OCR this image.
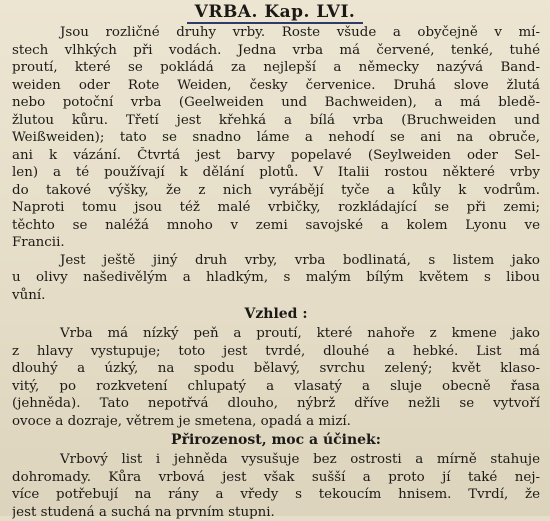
VRBA. Kap. LVI.
Jsou rozličné druhy vrby. Roste všude a obyčejně v mí-
stech vlhkých při vodách. Jedna vrba má červené, tenké, tuhé
proutí, které se pokládá za nejlepší a německy nazývá Band-
weiden oder Rote Weiden, česky červenice. Druhá slove žlutá
nebo potoční vrba (Geelweiden und Bachweiden), a má bledě-
žlutou kůru. Třetí jest křehká a bílá vrba (Bruchweiden und
Weißweiden); tato se snadno láme a nehodí se ani na obruče,
ani k vázání. Čtvrtá jest barvy popelavé (Seylweiden oder Sel-
len) a té používají k dělání plotů. V Italii rostou některé vrby
do takové výšky, že z nich vyrábějí tyče a kůly k vodrům.
Naproti tomu jsou též malé vrbičky, rozkládající se při zemi;
těchto se naléžá mnoho v zemi savojské a kolem Lyonu ve
Francii.
Jest ještě jiný druh vrby, vrba bodlinatá, s listem jako
u olivy našedivělým a hladkým, s malým bílým květem s libou
vůní.
Vzhled :
Vrba má nízký peň a proutí, které nahoře z kmene jako
z hlavy vystupuje; toto jest tvrdé, dlouhé a hebké. List má
dlouhý a úzký, na spodu bělavý, svrchu zelený; květ klaso-
vitý, po rozkvetení chlupatý a vlasatý a sluje obecně řasa
(jehněda). Tato nepotřvá dlouho, nýbrž dříve nežli se vytvoří
ovoce a dozraje, větrem je smetena, opadá a mizí.
Přirozenost, moc a účinek:
Vrbový list i jehněda vysušuje bez ostrosti a mírně stahuje
dohromady. Kůra vrbová jest však sušší a proto jí také nej-
více potřebují na rány a vředy s tekoucím hnisem. Tvrdí, že
jest studená a suchá na prvním stupni.
